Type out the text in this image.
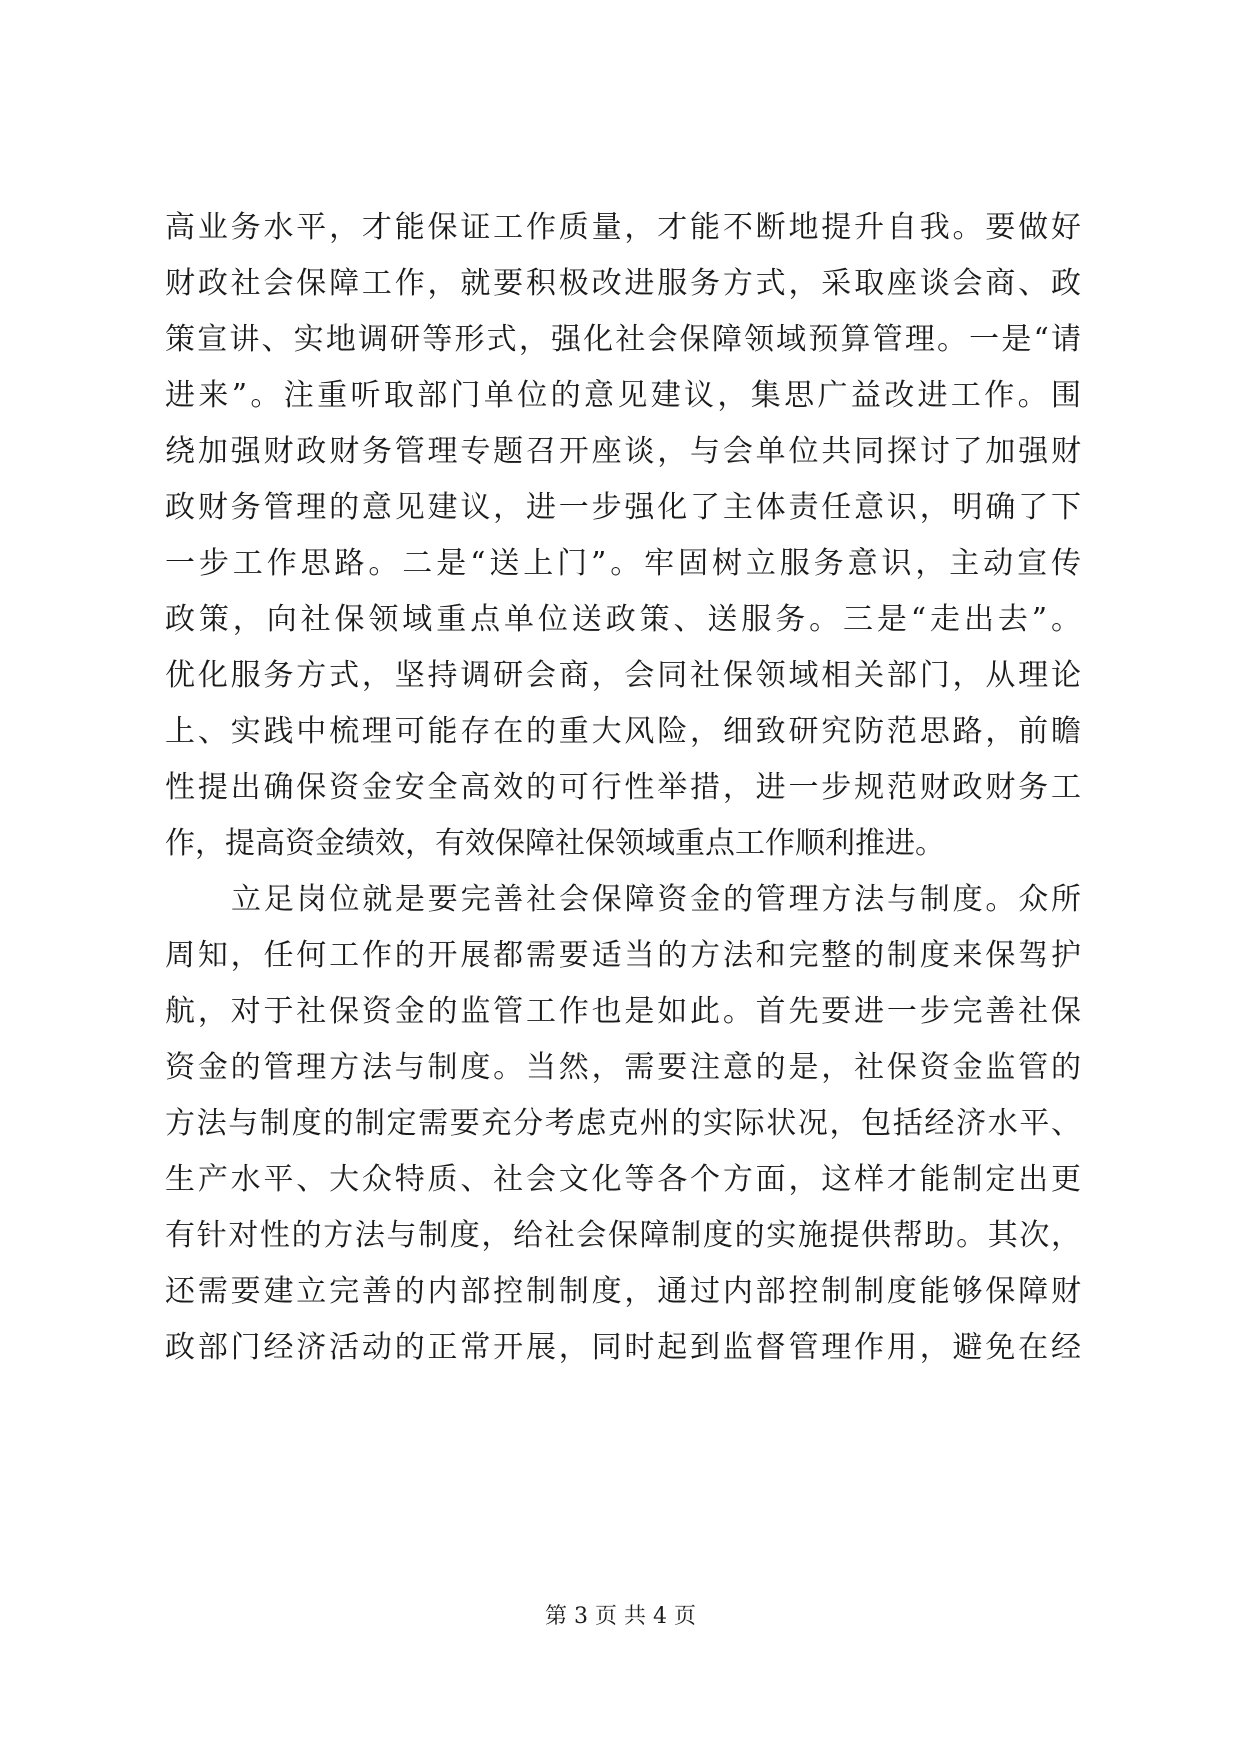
高业务水平，才能保证工作质量，才能不断地提升自我。要做好
财政社会保障工作，就要积极改进服务方式，采取座谈会商、政
策宣讲、实地调研等形式，强化社会保障领域预算管理。一是“请
进来”。注重听取部门单位的意见建议，集思广益改进工作。围
绕加强财政财务管理专题召开座谈，与会单位共同探讨了加强财
政财务管理的意见建议，进一步强化了主体责任意识，明确了下
一步工作思路。二是“送上门”。牢固树立服务意识，主动宣传
政策，向社保领域重点单位送政策、送服务。三是“走出去”。
优化服务方式，坚持调研会商，会同社保领域相关部门，从理论
上、实践中梳理可能存在的重大风险，细致研究防范思路，前瞻
性提出确保资金安全高效的可行性举措，进一步规范财政财务工
作，提高资金绩效，有效保障社保领域重点工作顺利推进。
立足岗位就是要完善社会保障资金的管理方法与制度。众所
周知，任何工作的开展都需要适当的方法和完整的制度来保驾护
航，对于社保资金的监管工作也是如此。首先要进一步完善社保
资金的管理方法与制度。当然，需要注意的是，社保资金监管的
方法与制度的制定需要充分考虑克州的实际状况，包括经济水平、
生产水平、大众特质、社会文化等各个方面，这样才能制定出更
有针对性的方法与制度，给社会保障制度的实施提供帮助。其次，
还需要建立完善的内部控制制度，通过内部控制制度能够保障财
政部门经济活动的正常开展，同时起到监督管理作用，避免在经
第 3 页 共 4 页
